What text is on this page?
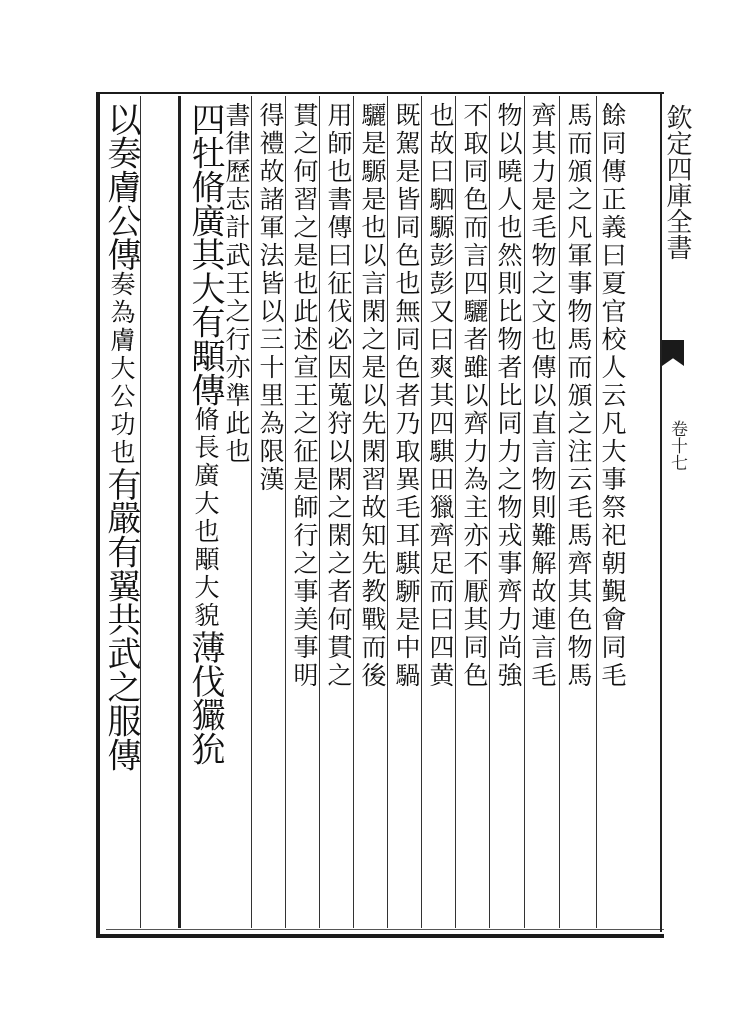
欽定四庫全書
卷十七
餘同傳正義曰夏官校人云凡大事祭祀朝覲會同毛
馬而頒之凡軍事物馬而頒之注云毛馬齊其色物馬
齊其力是毛物之文也傳以直言物則難解故連言毛
物以曉人也然則比物者比同力之物戎事齊力尚強
不取同色而言四驪者雖以齊力為主亦不厭其同色
也故曰駟騵彭彭又曰爽其四騏田獵齊足而曰四黄
既駕是皆同色也無同色者乃取異毛耳騏駵是中騧
驪是騵是也以言閑之是以先閑習故知先教戰而後
用師也書傳曰征伐必因蒐狩以閑之閑之者何貫之
貫之何習之是也此述宣王之征是師行之事美事明
得禮故諸軍法皆以三十里為限漢
書律歷志計武王之行亦準此也
四牡脩廣其大有顒傳脩長廣大也顒大貌薄伐玁狁
以奏膚公傳奏為膚大公功也有嚴有翼共武之服傳
